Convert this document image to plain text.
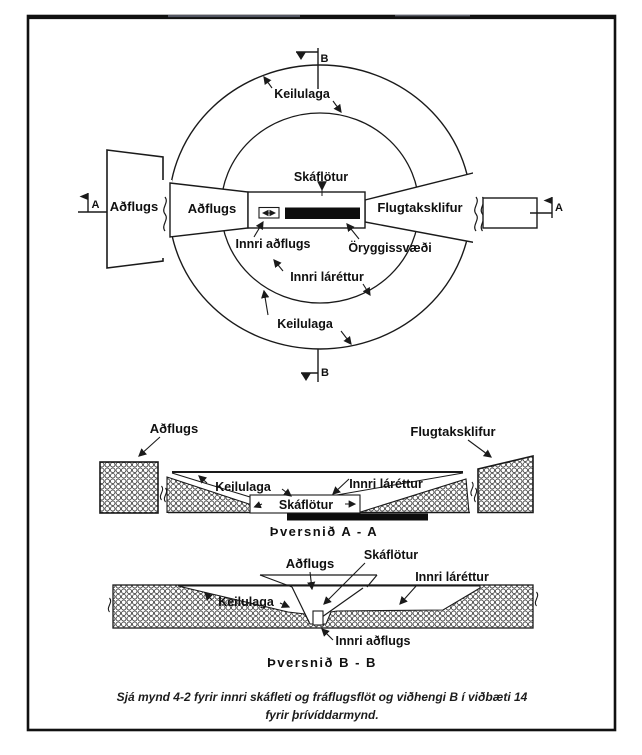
A	A
B
B
Keilulaga
Skáflötur
Aðflugs Aðflugs	Flugtaksklifur
Innri aðflugs	Öryggissvæði
Innri láréttur
Keilulaga
Aðflugs	Flugtaksklifur
Keilulaga	Innri láréttur
Skáflötur
Þversnið A - A
Aðflugs
Skáflötur
Innri láréttur
Keilulaga
Innri aðflugs
Þversnið B - B
Sjá mynd 4-2 fyrir innri skáfleti og fráflugsflöt og viðhengi B í viðbæti 14
fyrir þrívíddarmynd.
